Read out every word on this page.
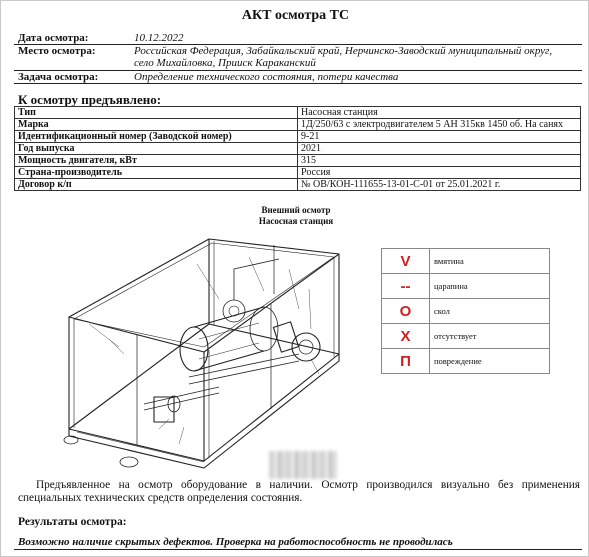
АКТ осмотра ТС
Дата осмотра:	10.12.2022
Место осмотра:	Российская Федерация, Забайкальский край, Нерчинско-Заводский муниципальный округ,
село Михайловка, Прииск Караканский
Задача осмотра:	Определение технического состояния, потери качества
К осмотру предъявлено:
Тип	Насосная станция
Марка	1Д/250/63 с электродвигателем 5 АН 315кв 1450 об. На санях
Идентификационный номер (Заводской номер)	9-21
Год выпуска	2021
Мощность двигателя, кВт	315
Страна-производитель	Россия
Договор к/п	№ ОВ/КОН-111655-13-01-С-01 от 25.01.2021 г.
Внешний осмотр
Насосная станция
V	вмятина
--	царапина
O	скол
X	отсутствует
П	повреждение
Предъявленное на осмотр оборудование в наличии. Осмотр производился визуально без применения специальных технических средств определения состояния.
Результаты осмотра:
Возможно наличие скрытых дефектов. Проверка на работоспособность не проводилась
